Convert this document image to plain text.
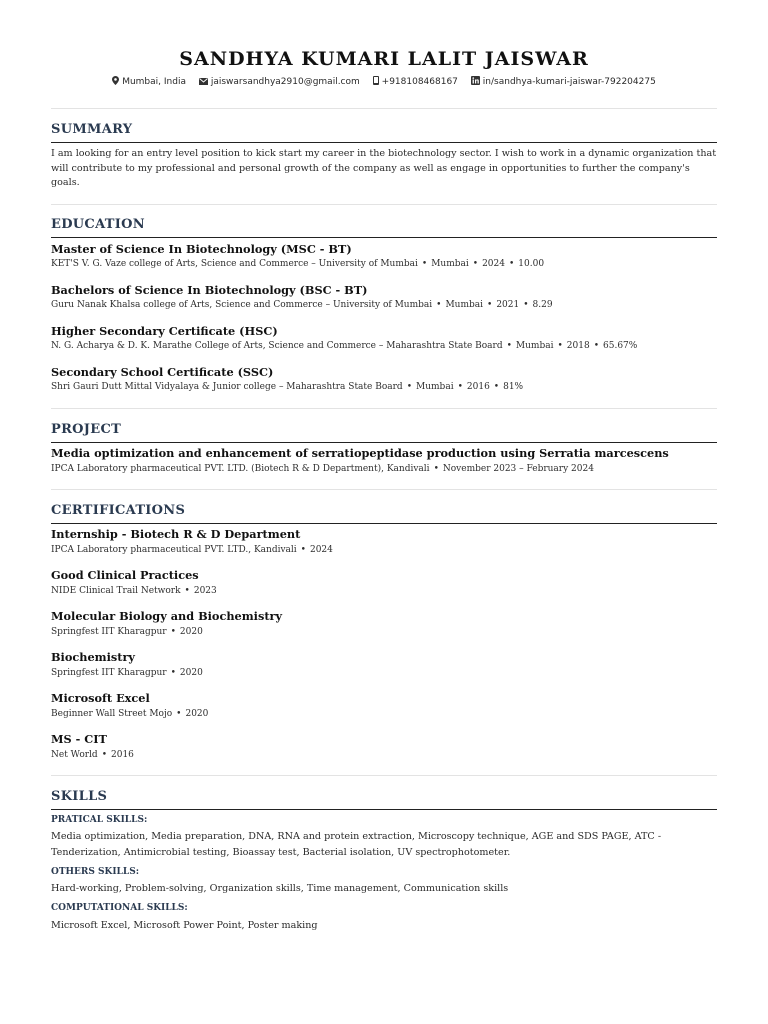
SANDHYA KUMARI LALIT JAISWAR
Mumbai, India	jaiswarsandhya2910@gmail.com +918108468167	in/sandhya-kumari-jaiswar-792204275
SUMMARY
I am looking for an entry level position to kick start my career in the biotechnology sector. I wish to work in a dynamic organization that will contribute to my professional and personal growth of the company as well as engage in opportunities to further the company's goals.
EDUCATION
Master of Science In Biotechnology (MSC - BT)
KET'S V. G. Vaze college of Arts, Science and Commerce – University of Mumbai • Mumbai • 2024 • 10.00
Bachelors of Science In Biotechnology (BSC - BT)
Guru Nanak Khalsa college of Arts, Science and Commerce – University of Mumbai • Mumbai • 2021 • 8.29
Higher Secondary Certificate (HSC)
N. G. Acharya & D. K. Marathe College of Arts, Science and Commerce – Maharashtra State Board • Mumbai • 2018 • 65.67%
Secondary School Certificate (SSC)
Shri Gauri Dutt Mittal Vidyalaya & Junior college – Maharashtra State Board • Mumbai • 2016 • 81%
PROJECT
Media optimization and enhancement of serratiopeptidase production using Serratia marcescens
IPCA Laboratory pharmaceutical PVT. LTD. (Biotech R & D Department), Kandivali • November 2023 – February 2024
CERTIFICATIONS
Internship - Biotech R & D Department
IPCA Laboratory pharmaceutical PVT. LTD., Kandivali • 2024
Good Clinical Practices
NIDE Clinical Trail Network • 2023
Molecular Biology and Biochemistry
Springfest IIT Kharagpur • 2020
Biochemistry
Springfest IIT Kharagpur • 2020
Microsoft Excel
Beginner Wall Street Mojo • 2020
MS - CIT
Net World • 2016
SKILLS
PRATICAL SKILLS:
Media optimization, Media preparation, DNA, RNA and protein extraction, Microscopy technique, AGE and SDS PAGE, ATC - Tenderization, Antimicrobial testing, Bioassay test, Bacterial isolation, UV spectrophotometer.
OTHERS SKILLS:
Hard-working, Problem-solving, Organization skills, Time management, Communication skills
COMPUTATIONAL SKILLS:
Microsoft Excel, Microsoft Power Point, Poster making
